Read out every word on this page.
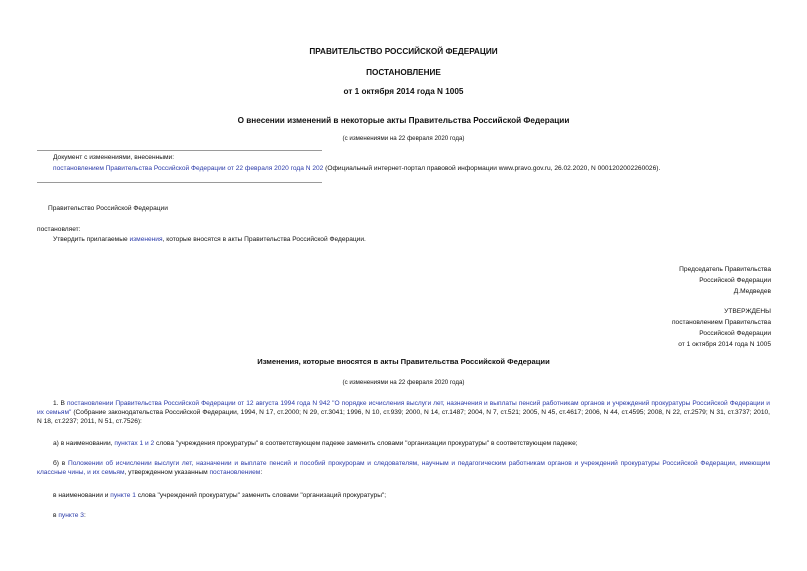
ПРАВИТЕЛЬСТВО РОССИЙСКОЙ ФЕДЕРАЦИИ
ПОСТАНОВЛЕНИЕ
от 1 октября 2014 года N 1005
О внесении изменений в некоторые акты Правительства Российской Федерации
(с изменениями на 22 февраля 2020 года)
Документ с изменениями, внесенными:
постановлением Правительства Российской Федерации от 22 февраля 2020 года N 202 (Официальный интернет-портал правовой информации www.pravo.gov.ru, 26.02.2020, N 0001202002260026).
Правительство Российской Федерации
постановляет:
Утвердить прилагаемые изменения, которые вносятся в акты Правительства Российской Федерации.
Председатель Правительства
Российской Федерации
Д.Медведев
УТВЕРЖДЕНЫ
постановлением Правительства
Российской Федерации
от 1 октября 2014 года N 1005
Изменения, которые вносятся в акты Правительства Российской Федерации
(с изменениями на 22 февраля 2020 года)
1. В постановлении Правительства Российской Федерации от 12 августа 1994 года N 942 "О порядке исчисления выслуги лет, назначения и выплаты пенсий работникам органов и учреждений прокуратуры Российской Федерации и их семьям" (Собрание законодательства Российской Федерации, 1994, N 17, ст.2000; N 29, ст.3041; 1996, N 10, ст.939; 2000, N 14, ст.1487; 2004, N 7, ст.521; 2005, N 45, ст.4617; 2006, N 44, ст.4595; 2008, N 22, ст.2579; N 31, ст.3737; 2010, N 18, ст.2237; 2011, N 51, ст.7526):
а) в наименовании, пунктах 1 и 2 слова "учреждения прокуратуры" в соответствующем падеже заменить словами "организации прокуратуры" в соответствующем падеже;
б) в Положении об исчислении выслуги лет, назначении и выплате пенсий и пособий прокурорам и следователям, научным и педагогическим работникам органов и учреждений прокуратуры Российской Федерации, имеющим классные чины, и их семьям, утвержденном указанным постановлением:
в наименовании и пункте 1 слова "учреждений прокуратуры" заменить словами "организаций прокуратуры";
в пункте 3:
